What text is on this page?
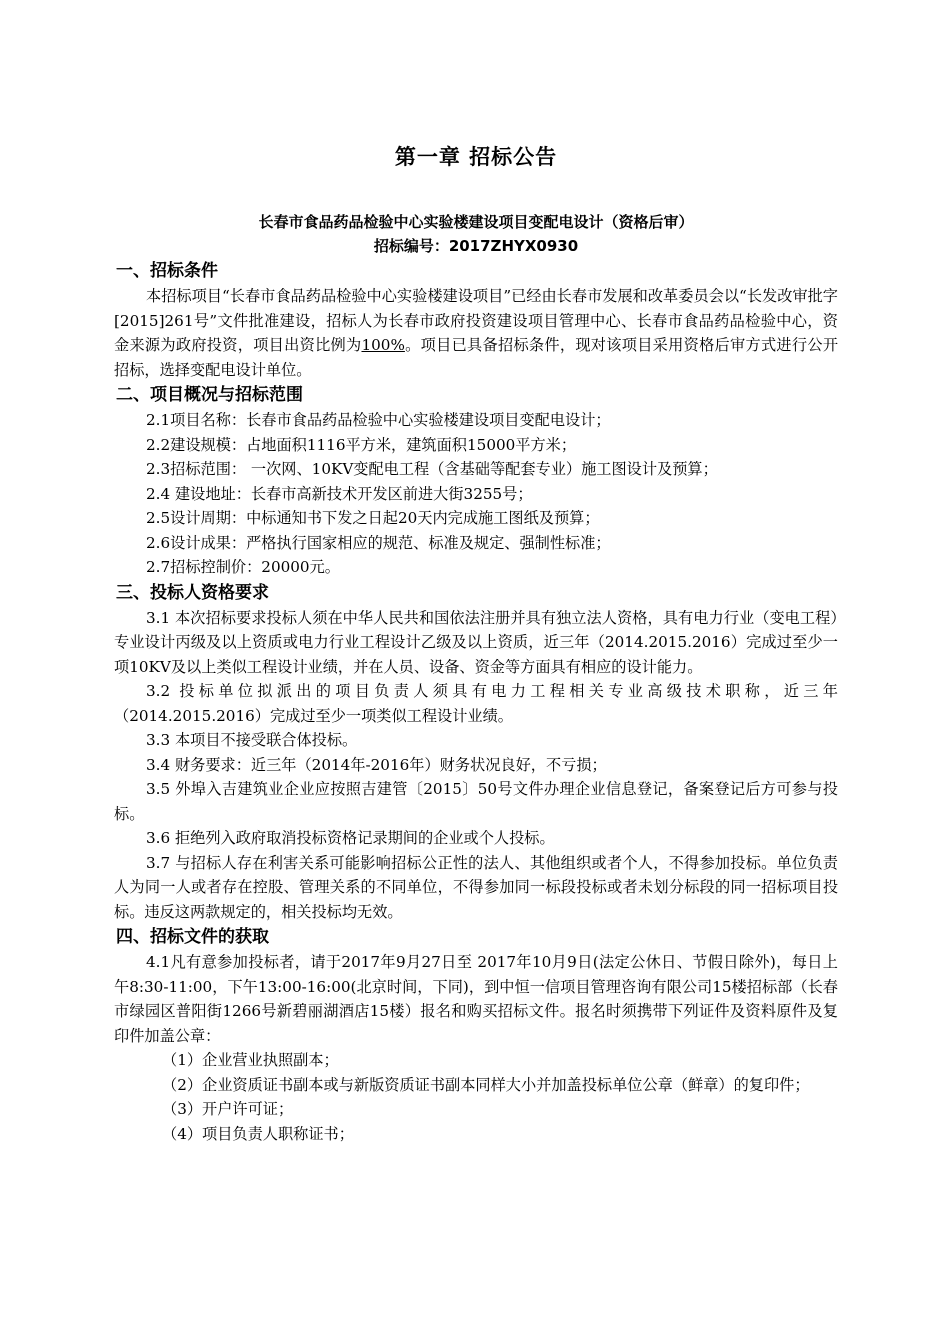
第一章 招标公告
长春市食品药品检验中心实验楼建设项目变配电设计（资格后审）
招标编号：2017ZHYX0930
一、招标条件

本招标项目“长春市食品药品检验中心实验楼建设项目”已经由长春市发展和改革委员会以“长发改审批字[2015]261号”文件批准建设，招标人为长春市政府投资建设项目管理中心、长春市食品药品检验中心，资金来源为政府投资，项目出资比例为100%。项目已具备招标条件，现对该项目采用资格后审方式进行公开招标，选择变配电设计单位。

二、项目概况与招标范围

2.1项目名称：长春市食品药品检验中心实验楼建设项目变配电设计；

2.2建设规模：占地面积1116平方米，建筑面积15000平方米；

2.3招标范围： 一次网、10KV变配电工程（含基础等配套专业）施工图设计及预算；

2.4 建设地址：长春市高新技术开发区前进大街3255号；

2.5设计周期：中标通知书下发之日起20天内完成施工图纸及预算；

2.6设计成果：严格执行国家相应的规范、标准及规定、强制性标准；

2.7招标控制价：20000元。

三、投标人资格要求

3.1 本次招标要求投标人须在中华人民共和国依法注册并具有独立法人资格，具有电力行业（变电工程）专业设计丙级及以上资质或电力行业工程设计乙级及以上资质，近三年（2014.2015.2016）完成过至少一项10KV及以上类似工程设计业绩，并在人员、设备、资金等方面具有相应的设计能力。

3.2 投标单位拟派出的项目负责人须具有电力工程相关专业高级技术职称，近三年（2014.2015.2016）完成过至少一项类似工程设计业绩。

3.3 本项目不接受联合体投标。

3.4 财务要求：近三年（2014年-2016年）财务状况良好，不亏损；

3.5 外埠入吉建筑业企业应按照吉建管〔2015〕50号文件办理企业信息登记，备案登记后方可参与投标。

3.6 拒绝列入政府取消投标资格记录期间的企业或个人投标。

3.7 与招标人存在利害关系可能影响招标公正性的法人、其他组织或者个人，不得参加投标。单位负责人为同一人或者存在控股、管理关系的不同单位，不得参加同一标段投标或者未划分标段的同一招标项目投标。违反这两款规定的，相关投标均无效。

四、招标文件的获取

4.1凡有意参加投标者，请于2017年9月27日至 2017年10月9日(法定公休日、节假日除外)，每日上午8:30-11:00，下午13:00-16:00(北京时间，下同)，到中恒一信项目管理咨询有限公司15楼招标部（长春市绿园区普阳街1266号新碧丽湖酒店15楼）报名和购买招标文件。报名时须携带下列证件及资料原件及复印件加盖公章：

（1）企业营业执照副本；

（2）企业资质证书副本或与新版资质证书副本同样大小并加盖投标单位公章（鲜章）的复印件；

（3）开户许可证；

（4）项目负责人职称证书；
